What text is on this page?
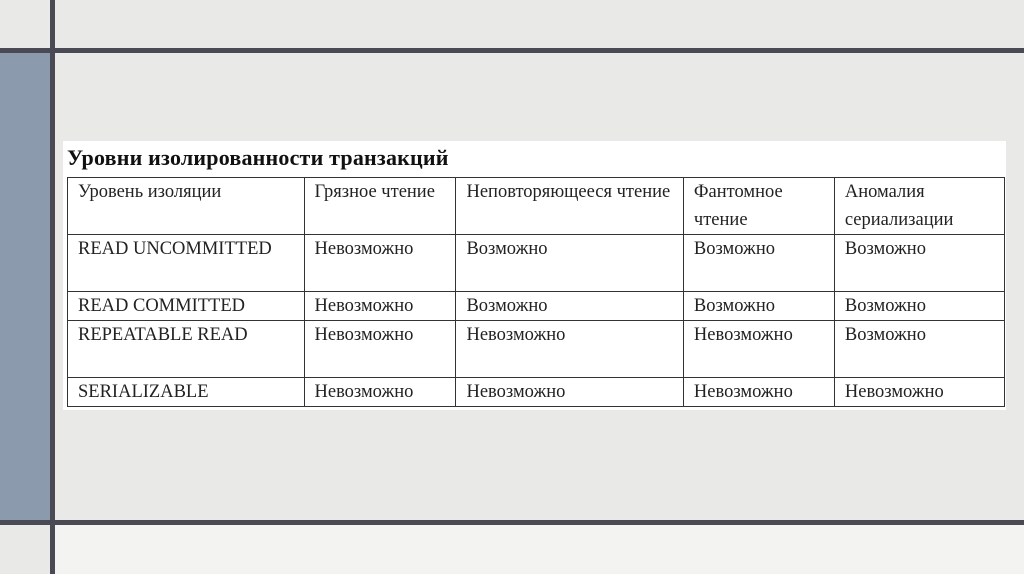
Уровни изолированности транзакций
Уровень изоляции	Грязное чтение	Неповторяющееся чтение	Фантомное чтение	Аномалия сериализации
READ UNCOMMITTED	Невозможно	Возможно	Возможно	Возможно
READ COMMITTED	Невозможно	Возможно	Возможно	Возможно
REPEATABLE READ	Невозможно	Невозможно	Невозможно	Возможно
SERIALIZABLE	Невозможно	Невозможно	Невозможно	Невозможно
